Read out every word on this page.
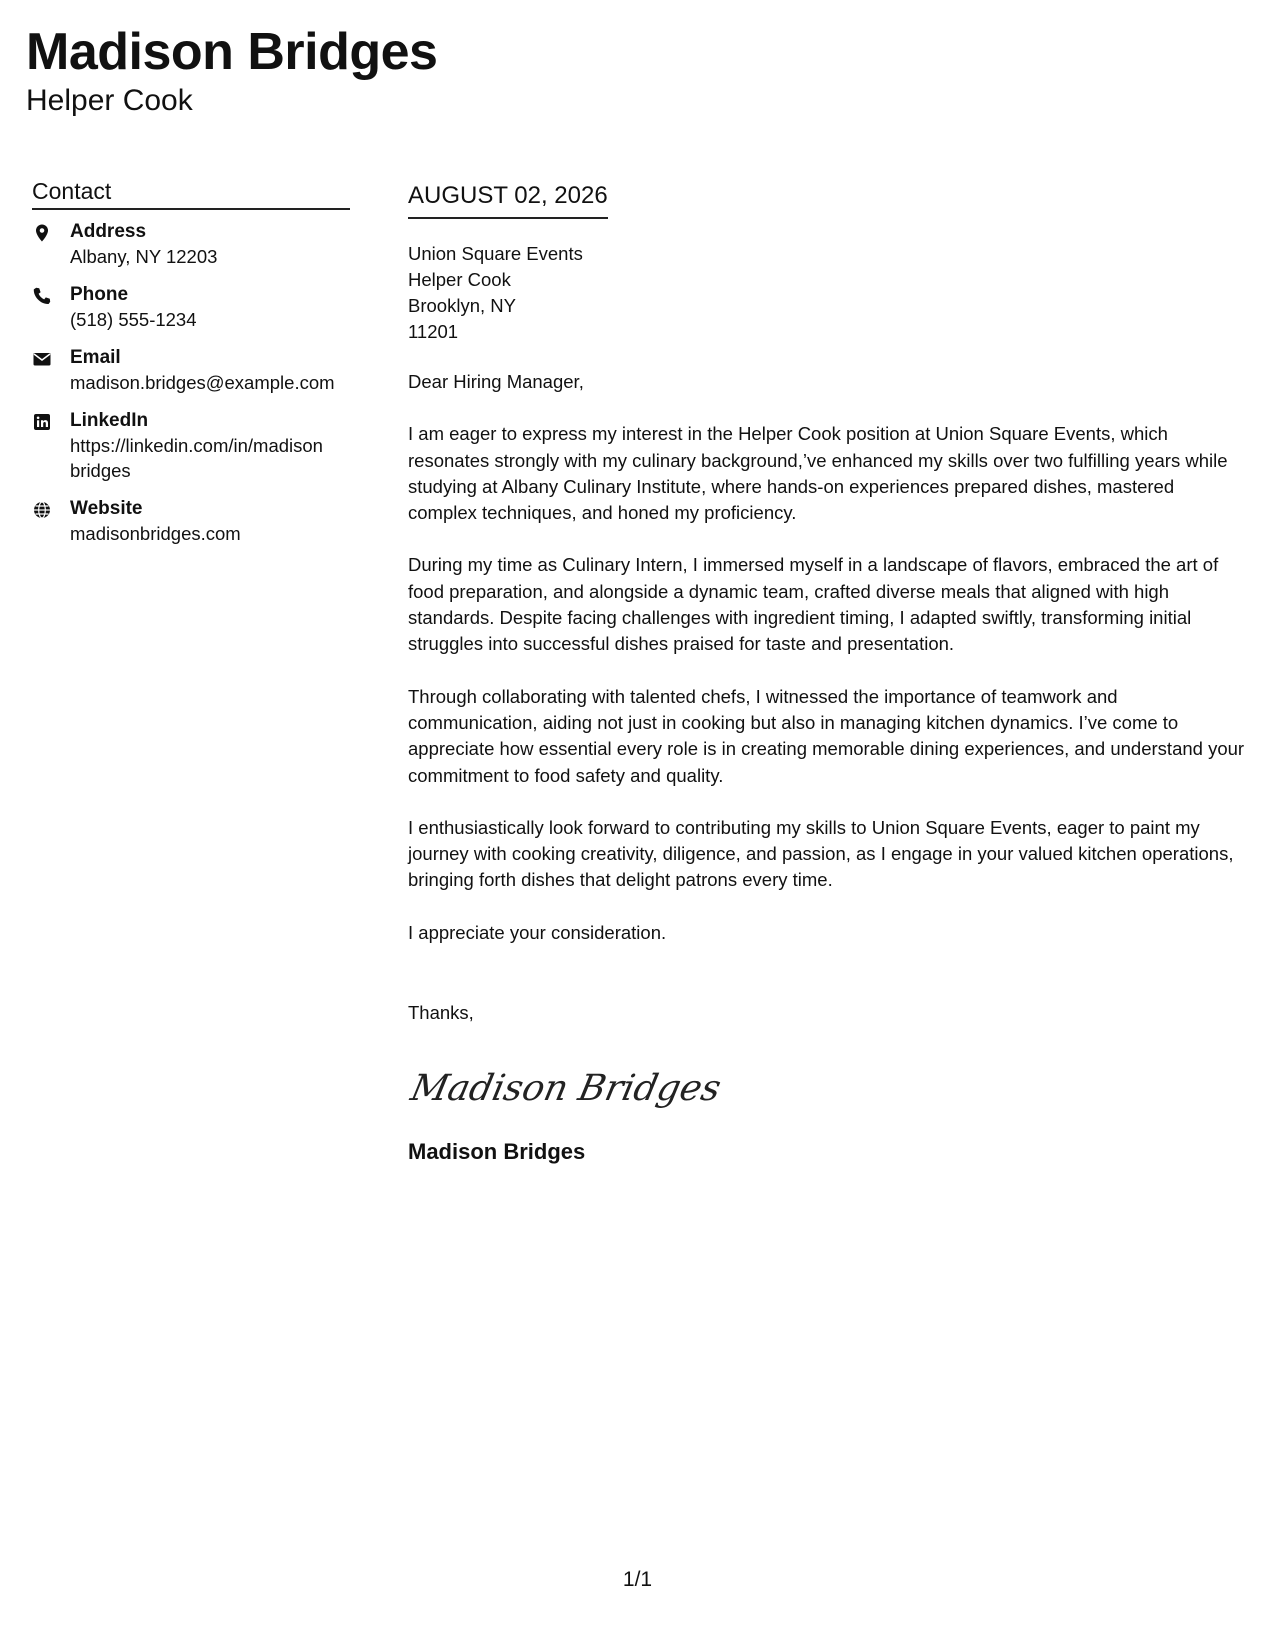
Madison Bridges
Helper Cook
Contact
Address
Albany, NY 12203
Phone
(518) 555-1234
Email
madison.bridges@example.com
LinkedIn
https://linkedin.com/in/madison bridges
Website
madisonbridges.com
AUGUST 02, 2026
Union Square Events
Helper Cook
Brooklyn, NY
11201
Dear Hiring Manager,
I am eager to express my interest in the Helper Cook position at Union Square Events, which resonates strongly with my culinary background,’ve enhanced my skills over two fulfilling years while studying at Albany Culinary Institute, where hands-on experiences prepared dishes, mastered complex techniques, and honed my proficiency.
During my time as Culinary Intern, I immersed myself in a landscape of flavors, embraced the art of food preparation, and alongside a dynamic team, crafted diverse meals that aligned with high standards. Despite facing challenges with ingredient timing, I adapted swiftly, transforming initial struggles into successful dishes praised for taste and presentation.
Through collaborating with talented chefs, I witnessed the importance of teamwork and communication, aiding not just in cooking but also in managing kitchen dynamics. I’ve come to appreciate how essential every role is in creating memorable dining experiences, and understand your commitment to food safety and quality.
I enthusiastically look forward to contributing my skills to Union Square Events, eager to paint my journey with cooking creativity, diligence, and passion, as I engage in your valued kitchen operations, bringing forth dishes that delight patrons every time.
I appreciate your consideration.
Thanks,
Madison Bridges
Madison Bridges
1/1
